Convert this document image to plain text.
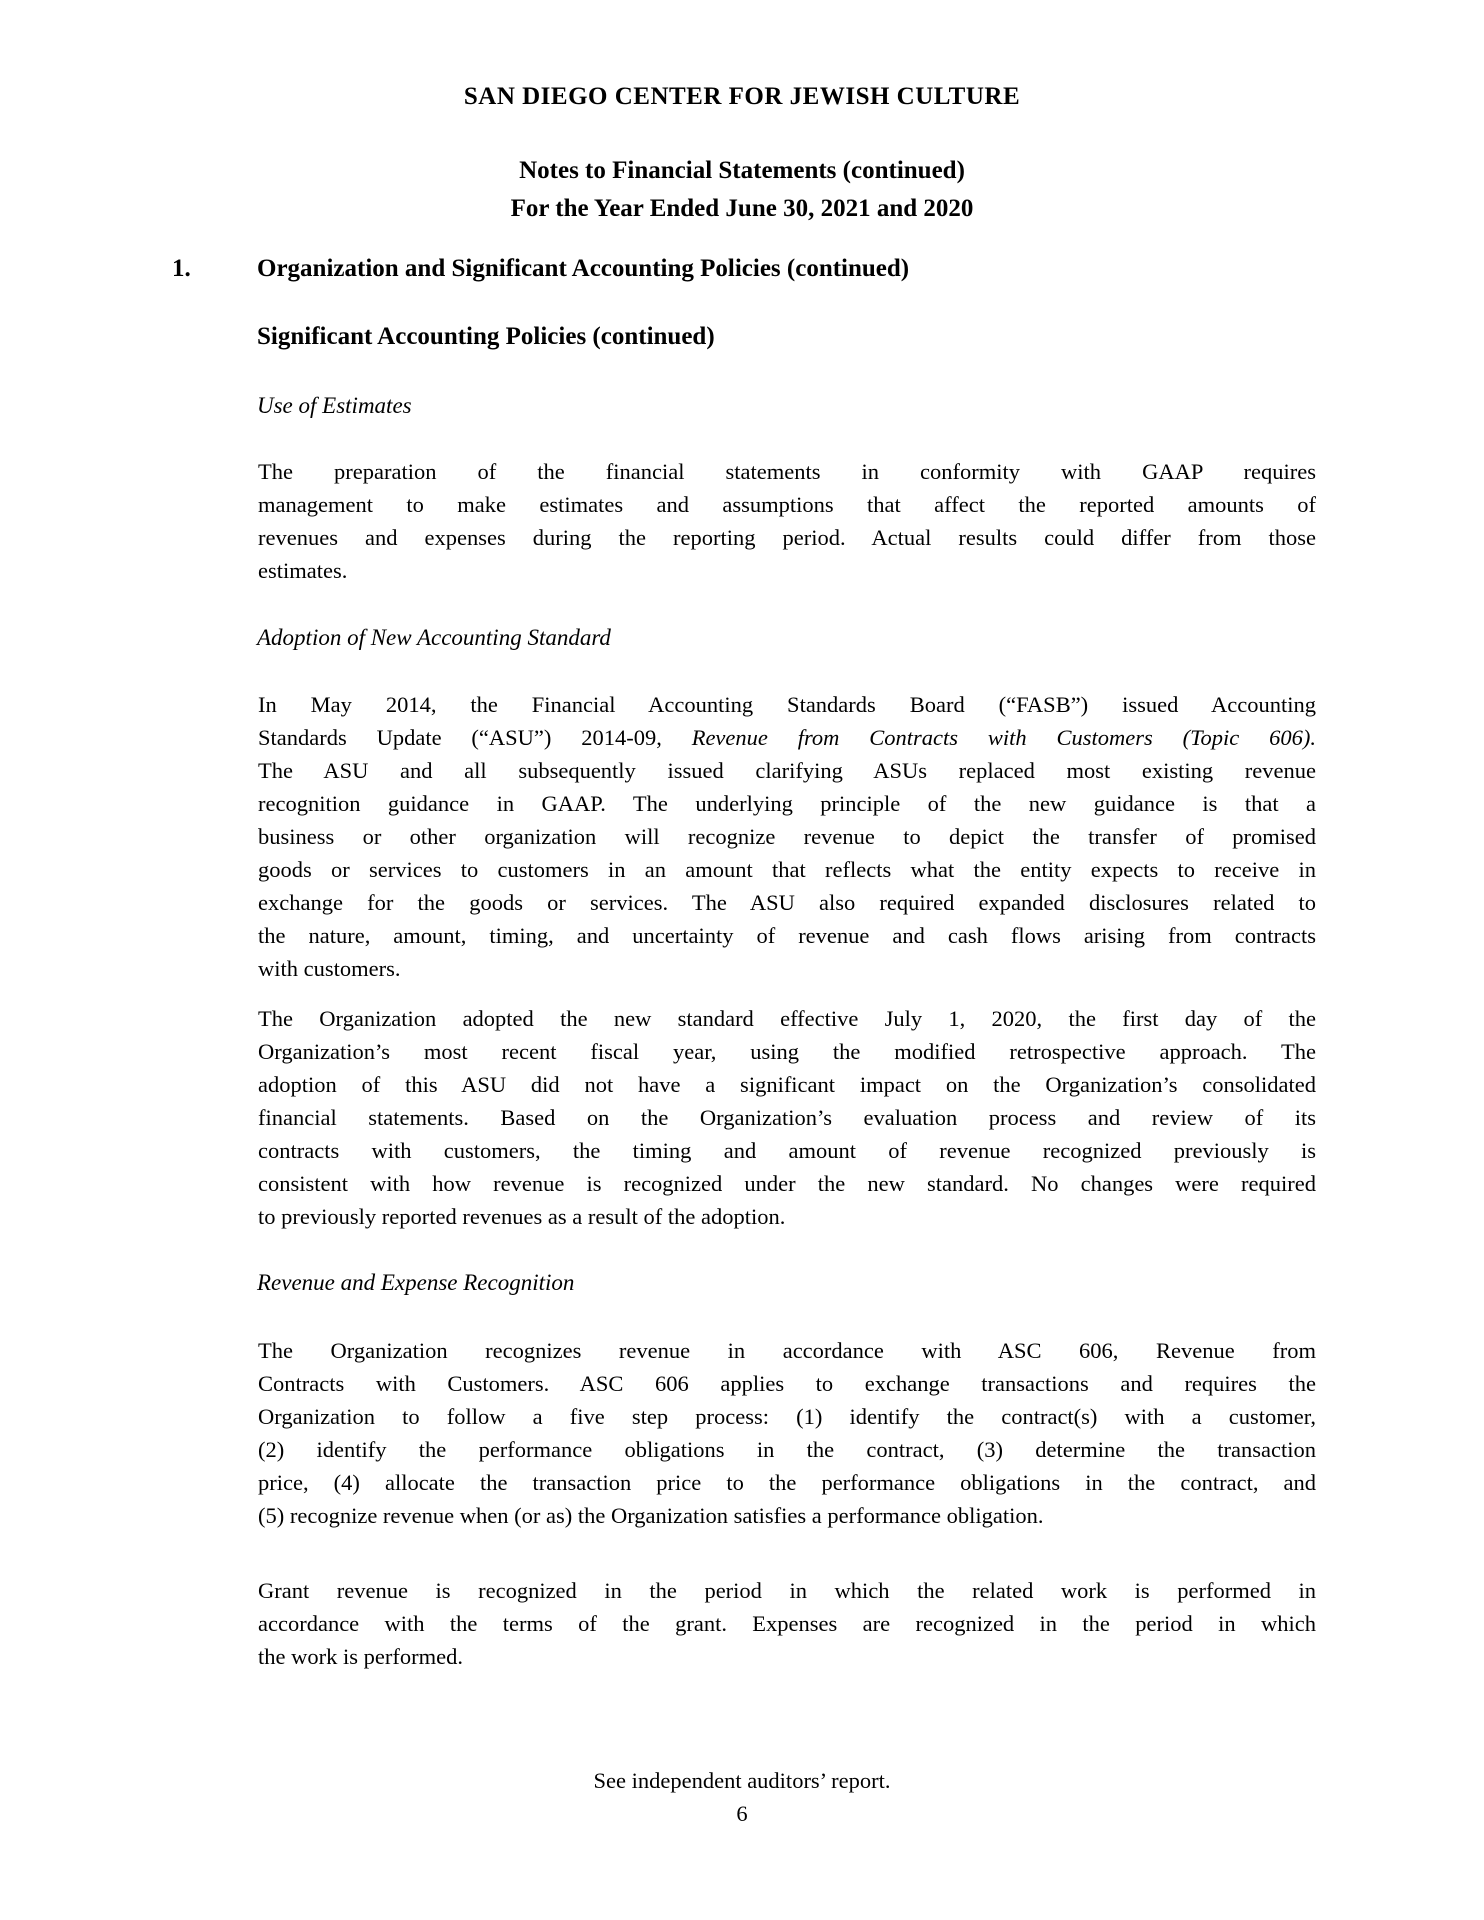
SAN DIEGO CENTER FOR JEWISH CULTURE
Notes to Financial Statements (continued)
For the Year Ended June 30, 2021 and 2020
1.	Organization and Significant Accounting Policies (continued)
Significant Accounting Policies (continued)
Use of Estimates
The preparation of the financial statements in conformity with GAAP requires
management to make estimates and assumptions that affect the reported amounts of
revenues and expenses during the reporting period. Actual results could differ from those
estimates.
Adoption of New Accounting Standard
In May 2014, the Financial Accounting Standards Board (“FASB”) issued Accounting
Standards Update (“ASU”) 2014-09, Revenue from Contracts with Customers (Topic 606).
The ASU and all subsequently issued clarifying ASUs replaced most existing revenue
recognition guidance in GAAP. The underlying principle of the new guidance is that a
business or other organization will recognize revenue to depict the transfer of promised
goods or services to customers in an amount that reflects what the entity expects to receive in
exchange for the goods or services. The ASU also required expanded disclosures related to
the nature, amount, timing, and uncertainty of revenue and cash flows arising from contracts
with customers.
The Organization adopted the new standard effective July 1, 2020, the first day of the
Organization’s most recent fiscal year, using the modified retrospective approach. The
adoption of this ASU did not have a significant impact on the Organization’s consolidated
financial statements. Based on the Organization’s evaluation process and review of its
contracts with customers, the timing and amount of revenue recognized previously is
consistent with how revenue is recognized under the new standard. No changes were required
to previously reported revenues as a result of the adoption.
Revenue and Expense Recognition
The Organization recognizes revenue in accordance with ASC 606, Revenue from
Contracts with Customers. ASC 606 applies to exchange transactions and requires the
Organization to follow a five step process: (1) identify the contract(s) with a customer,
(2) identify the performance obligations in the contract, (3) determine the transaction
price, (4) allocate the transaction price to the performance obligations in the contract, and
(5) recognize revenue when (or as) the Organization satisfies a performance obligation.
Grant revenue is recognized in the period in which the related work is performed in
accordance with the terms of the grant. Expenses are recognized in the period in which
the work is performed.
See independent auditors’ report.
6
